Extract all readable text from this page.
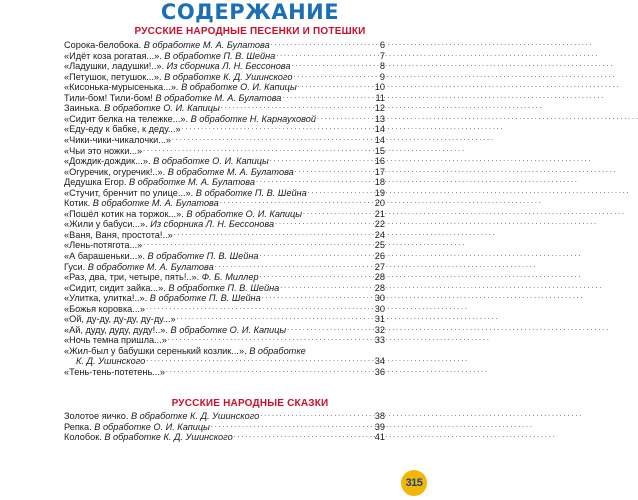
СОДЕРЖАНИЕ
РУССКИЕ НАРОДНЫЕ ПЕСЕНКИ И ПОТЕШКИ
Сорока-белобока. В обработке М. А. Булатова . . .	6
«Идёт коза рогатая...». В обработке П. В. Шейна . . .	7
«Ладушки, ладушки!..». Из сборника Л. Н. Бессонова . . .	8
«Петушок, петушок...». В обработке К. Д. Ушинского . . .	9
«Кисонька-мурысенька...». В обработке О. И. Капицы . . .	10
Тили-бом! Тили-бом! В обработке М. А. Булатова . . .	11
Заинька. В обработке О. И. Капицы . . .	12
«Сидит белка на тележке...». В обработке Н. Карнауховой . . .	13
«Еду-еду к бабке, к деду...» . . .	14
«Чики-чики-чикалочки...» . . .	14
«Чьи это ножки...» . . .	15
«Дождик-дождик...». В обработке О. И. Капицы . . .	16
«Огуречик, огуречик!..». В обработке М. А. Булатова . . .	17
Дедушка Егор. В обработке М. А. Булатова . . .	18
«Стучит, бренчит по улице...». В обработке П. В. Шейна . . .	19
Котик. В обработке М. А. Булатова . . .	20
«Пошёл котик на торжок...». В обработке О. И. Капицы . . .	21
«Жили у бабуси...». Из сборника Л. Н. Бессонова . . .	22
«Ваня, Ваня, простота!..» . . .	24
«Лень-потягота...» . . .	25
«А барашеньки...». В обработке П. В. Шейна . . .	26
Гуси. В обработке М. А. Булатова . . .	27
«Раз, два, три, четыре, пять!..». Ф. Б. Миллер . . .	28
«Сидит, сидит зайка...». В обработке П. В. Шейна . . .	28
«Улитка, улитка!..». В обработке П. В. Шейна . . .	30
«Божья коровка...» . . .	30
«Ой, ду-ду, ду-ду, ду-ду...» . . .	31
«Ай, дуду, дуду, дуду!..». В обработке О. И. Капицы . . .	32
«Ночь темна пришла...» . . .	33
«Жил-был у бабушки серенький козлик...». В обработке
К. Д. Ушинского . . .	34
«Тень-тень-потетень...» . . .	36
РУССКИЕ НАРОДНЫЕ СКАЗКИ
Золотое яичко. В обработке К. Д. Ушинского . . .	38
Репка. В обработке О. И. Капицы . . .	39
Колобок. В обработке К. Д. Ушинского . . .	41
315
